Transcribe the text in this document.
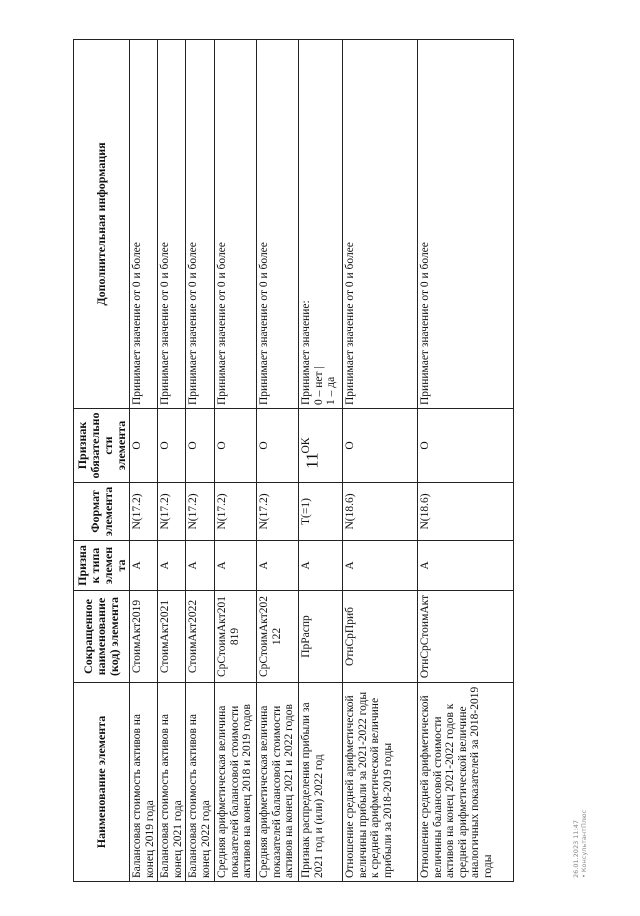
11
Наименование элемента	Сокращенное наименование (код) элемента	Признак типа элемента	Формат элемента	Признак обязательности элемента	Дополнительная информация
Балансовая стоимость активов на конец 2019 года	СтоимАкт2019	А	N(17.2)	О	Принимает значение от 0 и более

Балансовая стоимость активов на конец 2021 года	СтоимАкт2021	А	N(17.2)	О	Принимает значение от 0 и более

Балансовая стоимость активов на конец 2022 года	СтоимАкт2022	А	N(17.2)	О	Принимает значение от 0 и более

Средняя арифметическая величина показателей балансовой стоимости активов на конец 2018 и 2019 годов	СрСтоимАкт201819	А	N(17.2)	О	Принимает значение от 0 и более

Средняя арифметическая величина показателей балансовой стоимости активов на конец 2021 и 2022 годов	СрСтоимАкт202122	А	N(17.2)	О	Принимает значение от 0 и более

Признак распределения прибыли за 2021 год и (или) 2022 год	ПрРаспр	А	T(=1)	ОК	Принимает значение: 0 – нет | 1 – да

Отношение средней арифметической величины прибыли за 2021-2022 годы к средней арифметической величине прибыли за 2018-2019 годы	ОтнСрПриб	А	N(18.6)	О	Принимает значение от 0 и более

Отношение средней арифметической величины балансовой стоимости активов на конец 2021-2022 годов к средней арифметической величине аналогичных показателей за 2018-2019 годы	ОтнСрСтоимАкт	А	N(18.6)	О	Принимает значение от 0 и более
26.01.2023 11:47 • КонсультантПлюс
